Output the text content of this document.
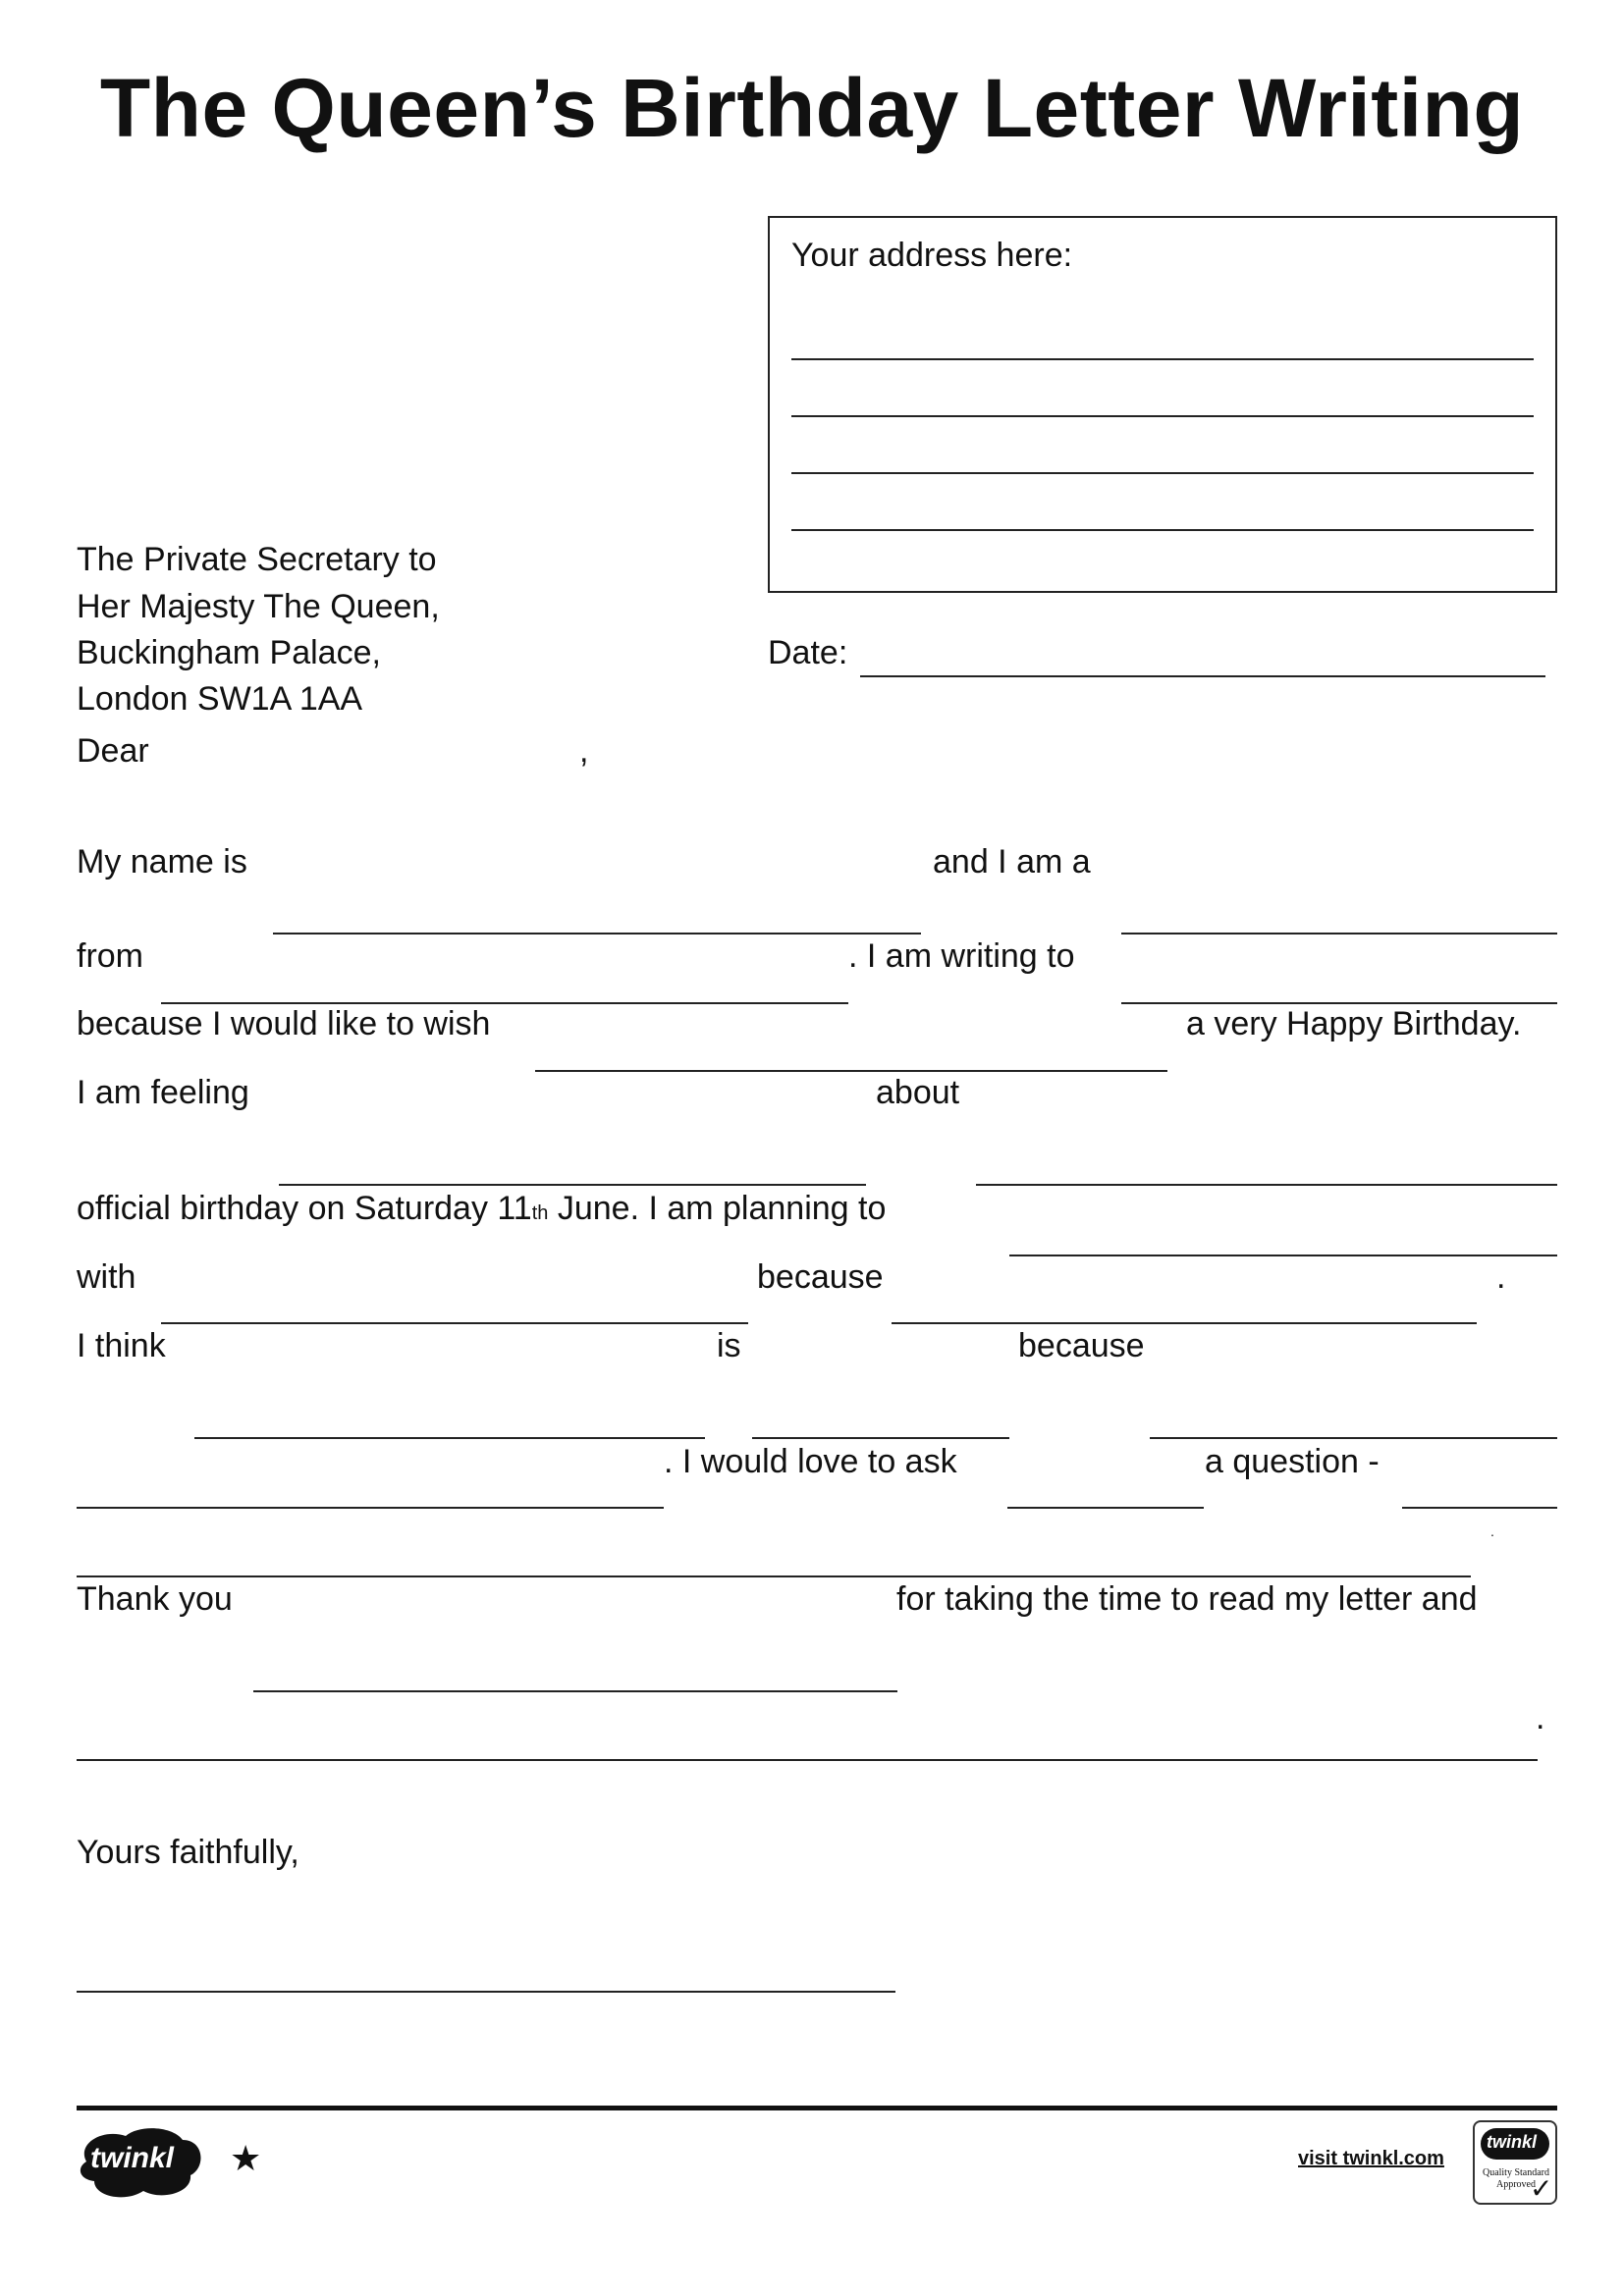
The Queen’s Birthday Letter Writing
Your address here:
The Private Secretary to
Her Majesty The Queen,
Buckingham Palace,
London SW1A 1AA
Date:
Dear	,
My name is	and I am a
from	. I am writing to
because I would like to wish	a very Happy Birthday.
I am feeling	about
official birthday on Saturday 11th June. I am planning to
with	because	.
I think	is	because
. I would love to ask	a question -
.
Thank you	for taking the time to read my letter and
.
Yours faithfully,
twinkl ★	visit twinkl.com
twinkl
Quality Standard
Approved
✓
